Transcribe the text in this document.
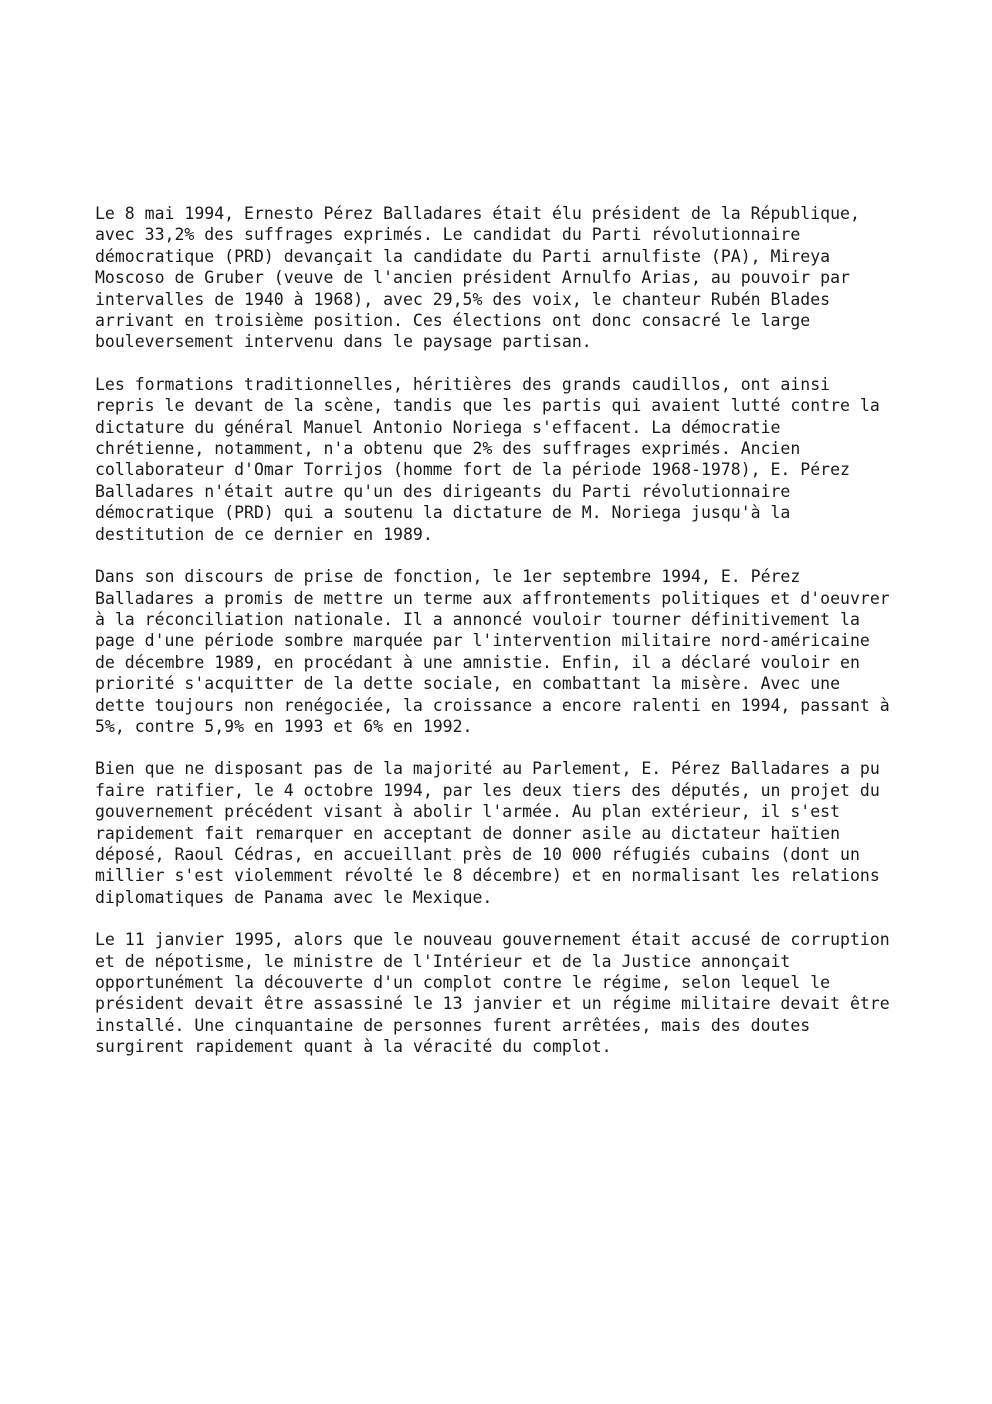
Le 8 mai 1994, Ernesto Pérez Balladares était élu président de la République,
avec 33,2% des suffrages exprimés. Le candidat du Parti révolutionnaire
démocratique (PRD) devançait la candidate du Parti arnulfiste (PA), Mireya
Moscoso de Gruber (veuve de l'ancien président Arnulfo Arias, au pouvoir par
intervalles de 1940 à 1968), avec 29,5% des voix, le chanteur Rubén Blades
arrivant en troisième position. Ces élections ont donc consacré le large
bouleversement intervenu dans le paysage partisan.

Les formations traditionnelles, héritières des grands caudillos, ont ainsi
repris le devant de la scène, tandis que les partis qui avaient lutté contre la
dictature du général Manuel Antonio Noriega s'effacent. La démocratie
chrétienne, notamment, n'a obtenu que 2% des suffrages exprimés. Ancien
collaborateur d'Omar Torrijos (homme fort de la période 1968-1978), E. Pérez
Balladares n'était autre qu'un des dirigeants du Parti révolutionnaire
démocratique (PRD) qui a soutenu la dictature de M. Noriega jusqu'à la
destitution de ce dernier en 1989.

Dans son discours de prise de fonction, le 1er septembre 1994, E. Pérez
Balladares a promis de mettre un terme aux affrontements politiques et d'oeuvrer
à la réconciliation nationale. Il a annoncé vouloir tourner définitivement la
page d'une période sombre marquée par l'intervention militaire nord-américaine
de décembre 1989, en procédant à une amnistie. Enfin, il a déclaré vouloir en
priorité s'acquitter de la dette sociale, en combattant la misère. Avec une
dette toujours non renégociée, la croissance a encore ralenti en 1994, passant à
5%, contre 5,9% en 1993 et 6% en 1992.

Bien que ne disposant pas de la majorité au Parlement, E. Pérez Balladares a pu
faire ratifier, le 4 octobre 1994, par les deux tiers des députés, un projet du
gouvernement précédent visant à abolir l'armée. Au plan extérieur, il s'est
rapidement fait remarquer en acceptant de donner asile au dictateur haïtien
déposé, Raoul Cédras, en accueillant près de 10 000 réfugiés cubains (dont un
millier s'est violemment révolté le 8 décembre) et en normalisant les relations
diplomatiques de Panama avec le Mexique.

Le 11 janvier 1995, alors que le nouveau gouvernement était accusé de corruption
et de népotisme, le ministre de l'Intérieur et de la Justice annonçait
opportunément la découverte d'un complot contre le régime, selon lequel le
président devait être assassiné le 13 janvier et un régime militaire devait être
installé. Une cinquantaine de personnes furent arrêtées, mais des doutes
surgirent rapidement quant à la véracité du complot.
